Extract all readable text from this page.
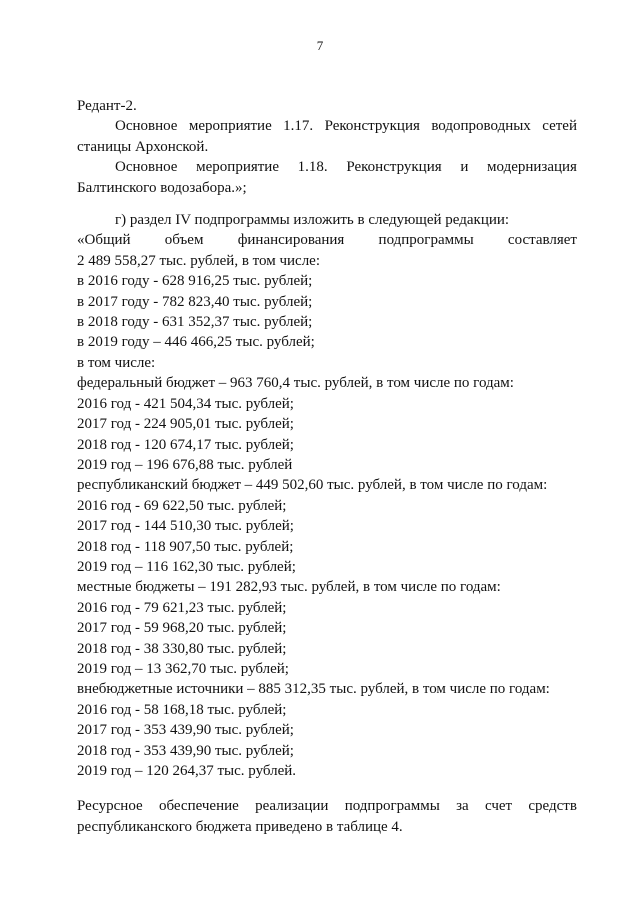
7
Редант-2.
Основное мероприятие 1.17. Реконструкция водопроводных сетей
станицы Архонской.
Основное мероприятие 1.18. Реконструкция и модернизация
Балтинского водозабора.»;
г) раздел IV подпрограммы изложить в следующей редакции:
«Общий объем финансирования подпрограммы составляет
2 489 558,27 тыс. рублей, в том числе:
в 2016 году - 628 916,25 тыс. рублей;
в 2017 году - 782 823,40 тыс. рублей;
в 2018 году - 631 352,37 тыс. рублей;
в 2019 году – 446 466,25 тыс. рублей;
в том числе:
федеральный бюджет – 963 760,4 тыс. рублей, в том числе по годам:
2016 год - 421 504,34 тыс. рублей;
2017 год - 224 905,01 тыс. рублей;
2018 год - 120 674,17 тыс. рублей;
2019 год – 196 676,88 тыс. рублей
республиканский бюджет – 449 502,60 тыс. рублей, в том числе по годам:
2016 год - 69 622,50 тыс. рублей;
2017 год - 144 510,30 тыс. рублей;
2018 год - 118 907,50 тыс. рублей;
2019 год – 116 162,30 тыс. рублей;
местные бюджеты – 191 282,93 тыс. рублей, в том числе по годам:
2016 год - 79 621,23 тыс. рублей;
2017 год - 59 968,20 тыс. рублей;
2018 год - 38 330,80 тыс. рублей;
2019 год – 13 362,70 тыс. рублей;
внебюджетные источники – 885 312,35 тыс. рублей, в том числе по годам:
2016 год - 58 168,18 тыс. рублей;
2017 год - 353 439,90 тыс. рублей;
2018 год - 353 439,90 тыс. рублей;
2019 год – 120 264,37 тыс. рублей.
Ресурсное обеспечение реализации подпрограммы за счет средств
республиканского бюджета приведено в таблице 4.
